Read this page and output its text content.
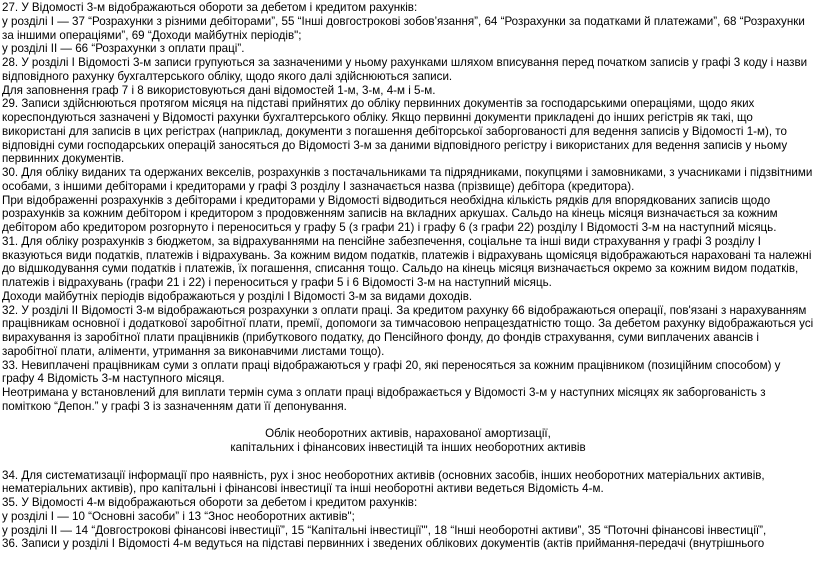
27. У Відомості 3-м відображаються обороти за дебетом і кредитом рахунків:

у розділі І — 37 “Розрахунки з різними дебіторами”, 55 “Інші довгострокові зобов’язання”, 64 “Розрахунки за податками й платежами”, 68 “Розрахунки за іншими операціями”, 69 “Доходи майбутніх періодів";

у розділі ІІ — 66 “Розрахунки з оплати праці”.

28. У розділі І Відомості 3-м записи групуються за зазначеними у ньому рахунками шляхом вписування перед початком записів у графі 3 коду і назви відповідного рахунку бухгалтерського обліку, щодо якого далі здійснюються записи.

Для заповнення граф 7 і 8 використовуються дані відомостей 1-м, 3-м, 4-м і 5-м.

29. Записи здійснюються протягом місяця на підставі прийнятих до обліку первинних документів за господарськими операціями, щодо яких кореспондуються зазначені у Відомості рахунки бухгалтерського обліку. Якщо первинні документи прикладені до інших регістрів як такі, що використані для записів в цих регістрах (наприклад, документи з погашення дебіторської заборгованості для ведення записів у Відомості 1-м), то відповідні суми господарських операцій заносяться до Відомості 3-м за даними відповідного регістру і використаних для ведення записів у ньому первинних документів.

30. Для обліку виданих та одержаних векселів, розрахунків з постачальниками та підрядниками, покупцями і замовниками, з учасниками і підзвітними особами, з іншими дебіторами і кредиторами у графі 3 розділу І зазначається назва (прізвище) дебітора (кредитора).

При відображенні розрахунків з дебіторами і кредиторами у Відомості відводиться необхідна кількість рядків для впорядкованих записів щодо розрахунків за кожним дебітором і кредитором з продовженням записів на вкладних аркушах. Сальдо на кінець місяця визначається за кожним дебітором або кредитором розгорнуто і переноситься у графу 5 (з графи 21) і графу 6 (з графи 22) розділу І Відомості 3-м на наступний місяць.

31. Для обліку розрахунків з бюджетом, за відрахуваннями на пенсійне забезпечення, соціальне та інші види страхування у графі 3 розділу І вказуються види податків, платежів і відрахувань. За кожним видом податків, платежів і відрахувань щомісяця відображаються нараховані та належні до відшкодування суми податків і платежів, їх погашення, списання тощо. Сальдо на кінець місяця визначається окремо за кожним видом податків, платежів і відрахувань (графи 21 і 22) і переноситься у графи 5 і 6 Відомості 3-м на наступний місяць.

Доходи майбутніх періодів відображаються у розділі І Відомості 3-м за видами доходів.

32. У розділі ІІ Відомості 3-м відображаються розрахунки з оплати праці. За кредитом рахунку 66 відображаються операції, пов'язані з нарахуванням працівникам основної і додаткової заробітної плати, премії, допомоги за тимчасовою непрацездатністю тощо. За дебетом рахунку відображаються усі вирахування із заробітної плати працівників (прибуткового податку, до Пенсійного фонду, до фондів страхування, суми виплачених авансів і заробітної плати, аліменти, утримання за виконавчими листами тощо).

33. Невиплачені працівникам суми з оплати праці відображаються у графі 20, які переносяться за кожним працівником (позиційним способом) у графу 4 Відомість 3-м наступного місяця.

Неотримана у встановлений для виплати термін сума з оплати праці відображається у Відомості 3-м у наступних місяцях як заборгованість з поміткою “Депон.” у графі 3 із зазначенням дати її депонування.

Облік необоротних активів, нарахованої амортизації,

капітальних і фінансових інвестицій та інших необоротних активів

34. Для систематизації інформації про наявність, рух і знос необоротних активів (основних засобів, інших необоротних матеріальних активів, нематеріальних активів), про капітальні і фінансові інвестиції та інші необоротні активи ведеться Відомість 4-м.

35. У Відомості 4-м відображаються обороти за дебетом і кредитом рахунків:

у розділі І — 10 “Основні засоби” і 13 “Знос необоротних активів";

у розділі ІІ — 14 “Довгострокові фінансові інвестиції”, 15 “Капітальні інвестиції"', 18 “Інші необоротні активи”, 35 “Поточні фінансові інвестиції”,

36. Записи у розділі І Відомості 4-м ведуться на підставі первинних і зведених облікових документів (актів приймання-передачі (внутрішнього
